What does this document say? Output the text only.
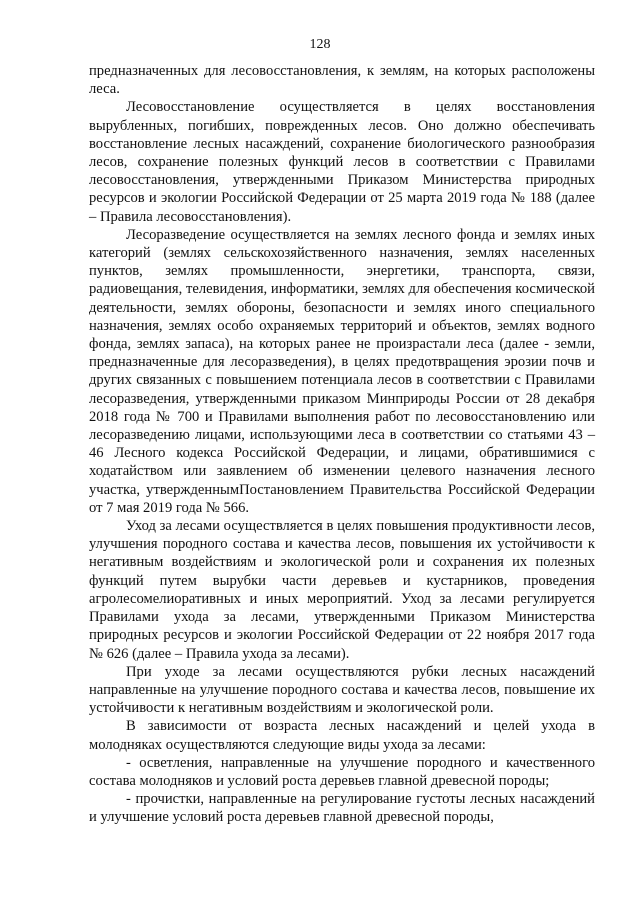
128

предназначенных для лесовосстановления, к землям, на которых расположены леса.

Лесовосстановление осуществляется в целях восстановления вырубленных, погибших, поврежденных лесов. Оно должно обеспечивать восстановление лесных насаждений, сохранение биологического разнообразия лесов, сохранение полезных функций лесов в соответствии с Правилами лесовосстановления, утвержденными Приказом Министерства природных ресурсов и экологии Российской Федерации от 25 марта 2019 года № 188 (далее – Правила лесовосстановления).

Лесоразведение осуществляется на землях лесного фонда и землях иных категорий (землях сельскохозяйственного назначения, землях населенных пунктов, землях промышленности, энергетики, транспорта, связи, радиовещания, телевидения, информатики, землях для обеспечения космической деятельности, землях обороны, безопасности и землях иного специального назначения, землях особо охраняемых территорий и объектов, землях водного фонда, землях запаса), на которых ранее не произрастали леса (далее - земли, предназначенные для лесоразведения), в целях предотвращения эрозии почв и других связанных с повышением потенциала лесов в соответствии с Правилами лесоразведения, утвержденными приказом Минприроды России от 28 декабря 2018 года № 700 и Правилами выполнения работ по лесовосстановлению или лесоразведению лицами, использующими леса в соответствии со статьями 43 – 46 Лесного кодекса Российской Федерации, и лицами, обратившимися с ходатайством или заявлением об изменении целевого назначения лесного участка, утвержденнымПостановлением Правительства Российской Федерации от 7 мая 2019 года № 566.

Уход за лесами осуществляется в целях повышения продуктивности лесов, улучшения породного состава и качества лесов, повышения их устойчивости к негативным воздействиям и экологической роли и сохранения их полезных функций путем вырубки части деревьев и кустарников, проведения агролесомелиоративных и иных мероприятий. Уход за лесами регулируется Правилами ухода за лесами, утвержденными Приказом Министерства природных ресурсов и экологии Российской Федерации от 22 ноября 2017 года № 626 (далее – Правила ухода за лесами).

При уходе за лесами осуществляются рубки лесных насаждений направленные на улучшение породного состава и качества лесов, повышение их устойчивости к негативным воздействиям и экологической роли.

В зависимости от возраста лесных насаждений и целей ухода в молодняках осуществляются следующие виды ухода за лесами:

- осветления, направленные на улучшение породного и качественного состава молодняков и условий роста деревьев главной древесной породы;

- прочистки, направленные на регулирование густоты лесных насаждений и улучшение условий роста деревьев главной древесной породы,
